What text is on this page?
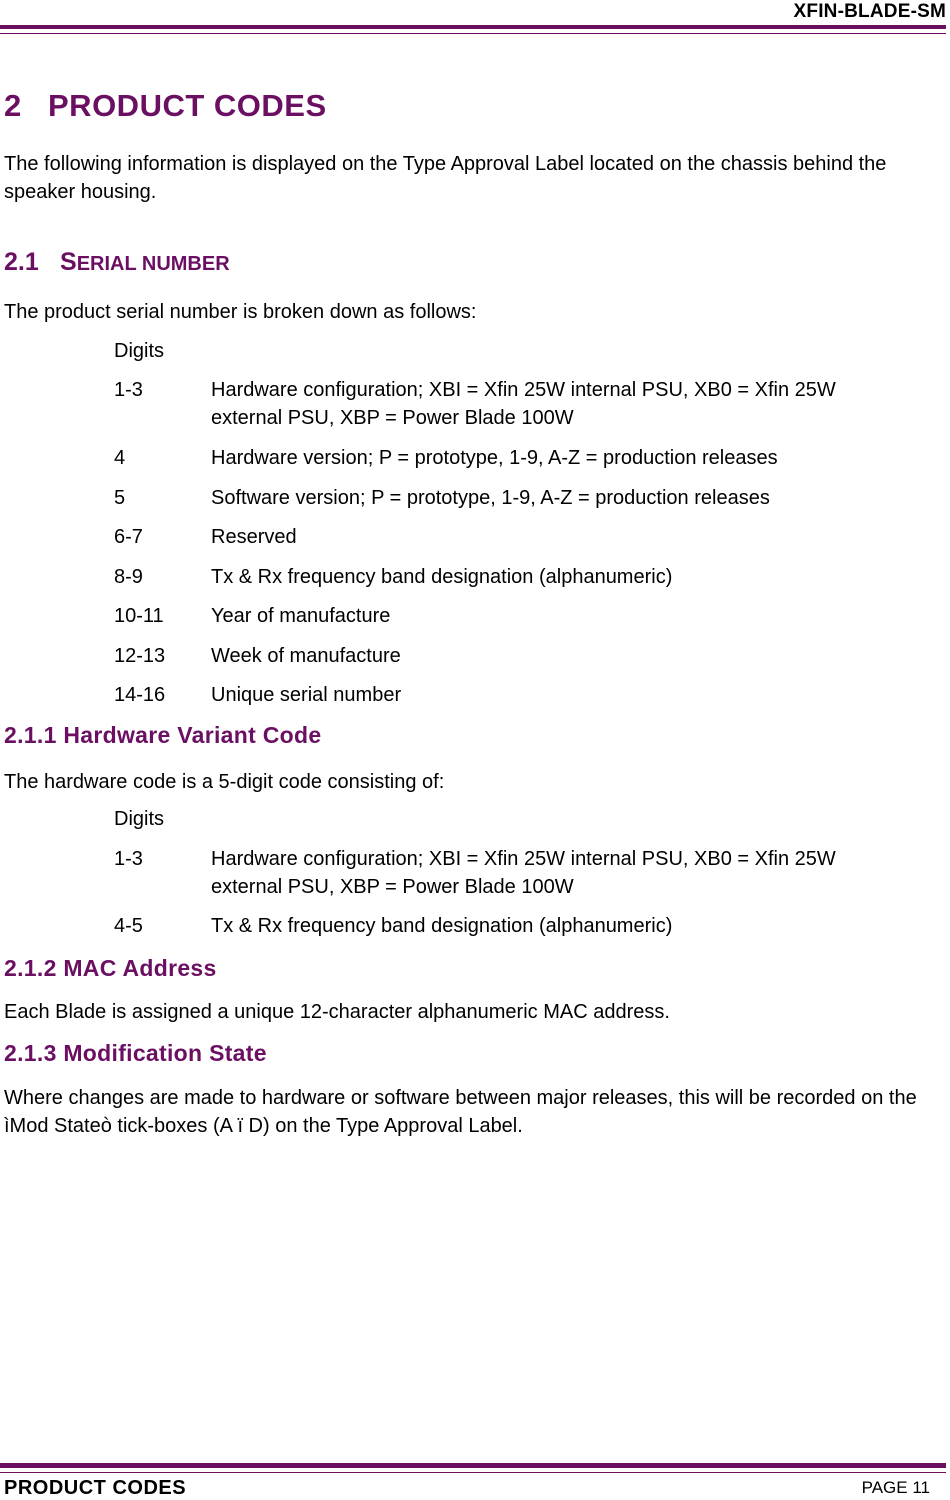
XFIN-BLADE-SM
2 PRODUCT CODES

The following information is displayed on the Type Approval Label located on the chassis behind the speaker housing.

2.1 SERIAL NUMBER

The product serial number is broken down as follows:

Digits
1-3	Hardware configuration; XBI = Xfin 25W internal PSU, XB0 = Xfin 25W external PSU, XBP = Power Blade 100W
4	Hardware version; P = prototype, 1-9, A-Z = production releases
5	Software version; P = prototype, 1-9, A-Z = production releases
6-7	Reserved
8-9	Tx & Rx frequency band designation (alphanumeric)
10-11 Year of manufacture
12-13 Week of manufacture
14-16 Unique serial number
2.1.1 Hardware Variant Code

The hardware code is a 5-digit code consisting of:

Digits
1-3	Hardware configuration; XBI = Xfin 25W internal PSU, XB0 = Xfin 25W external PSU, XBP = Power Blade 100W
4-5	Tx & Rx frequency band designation (alphanumeric)
2.1.2 MAC Address

Each Blade is assigned a unique 12-character alphanumeric MAC address.

2.1.3 Modification State

Where changes are made to hardware or software between major releases, this will be recorded on the ìMod Stateò tick-boxes (A ï D) on the Type Approval Label.

PRODUCT CODES	PAGE 11
